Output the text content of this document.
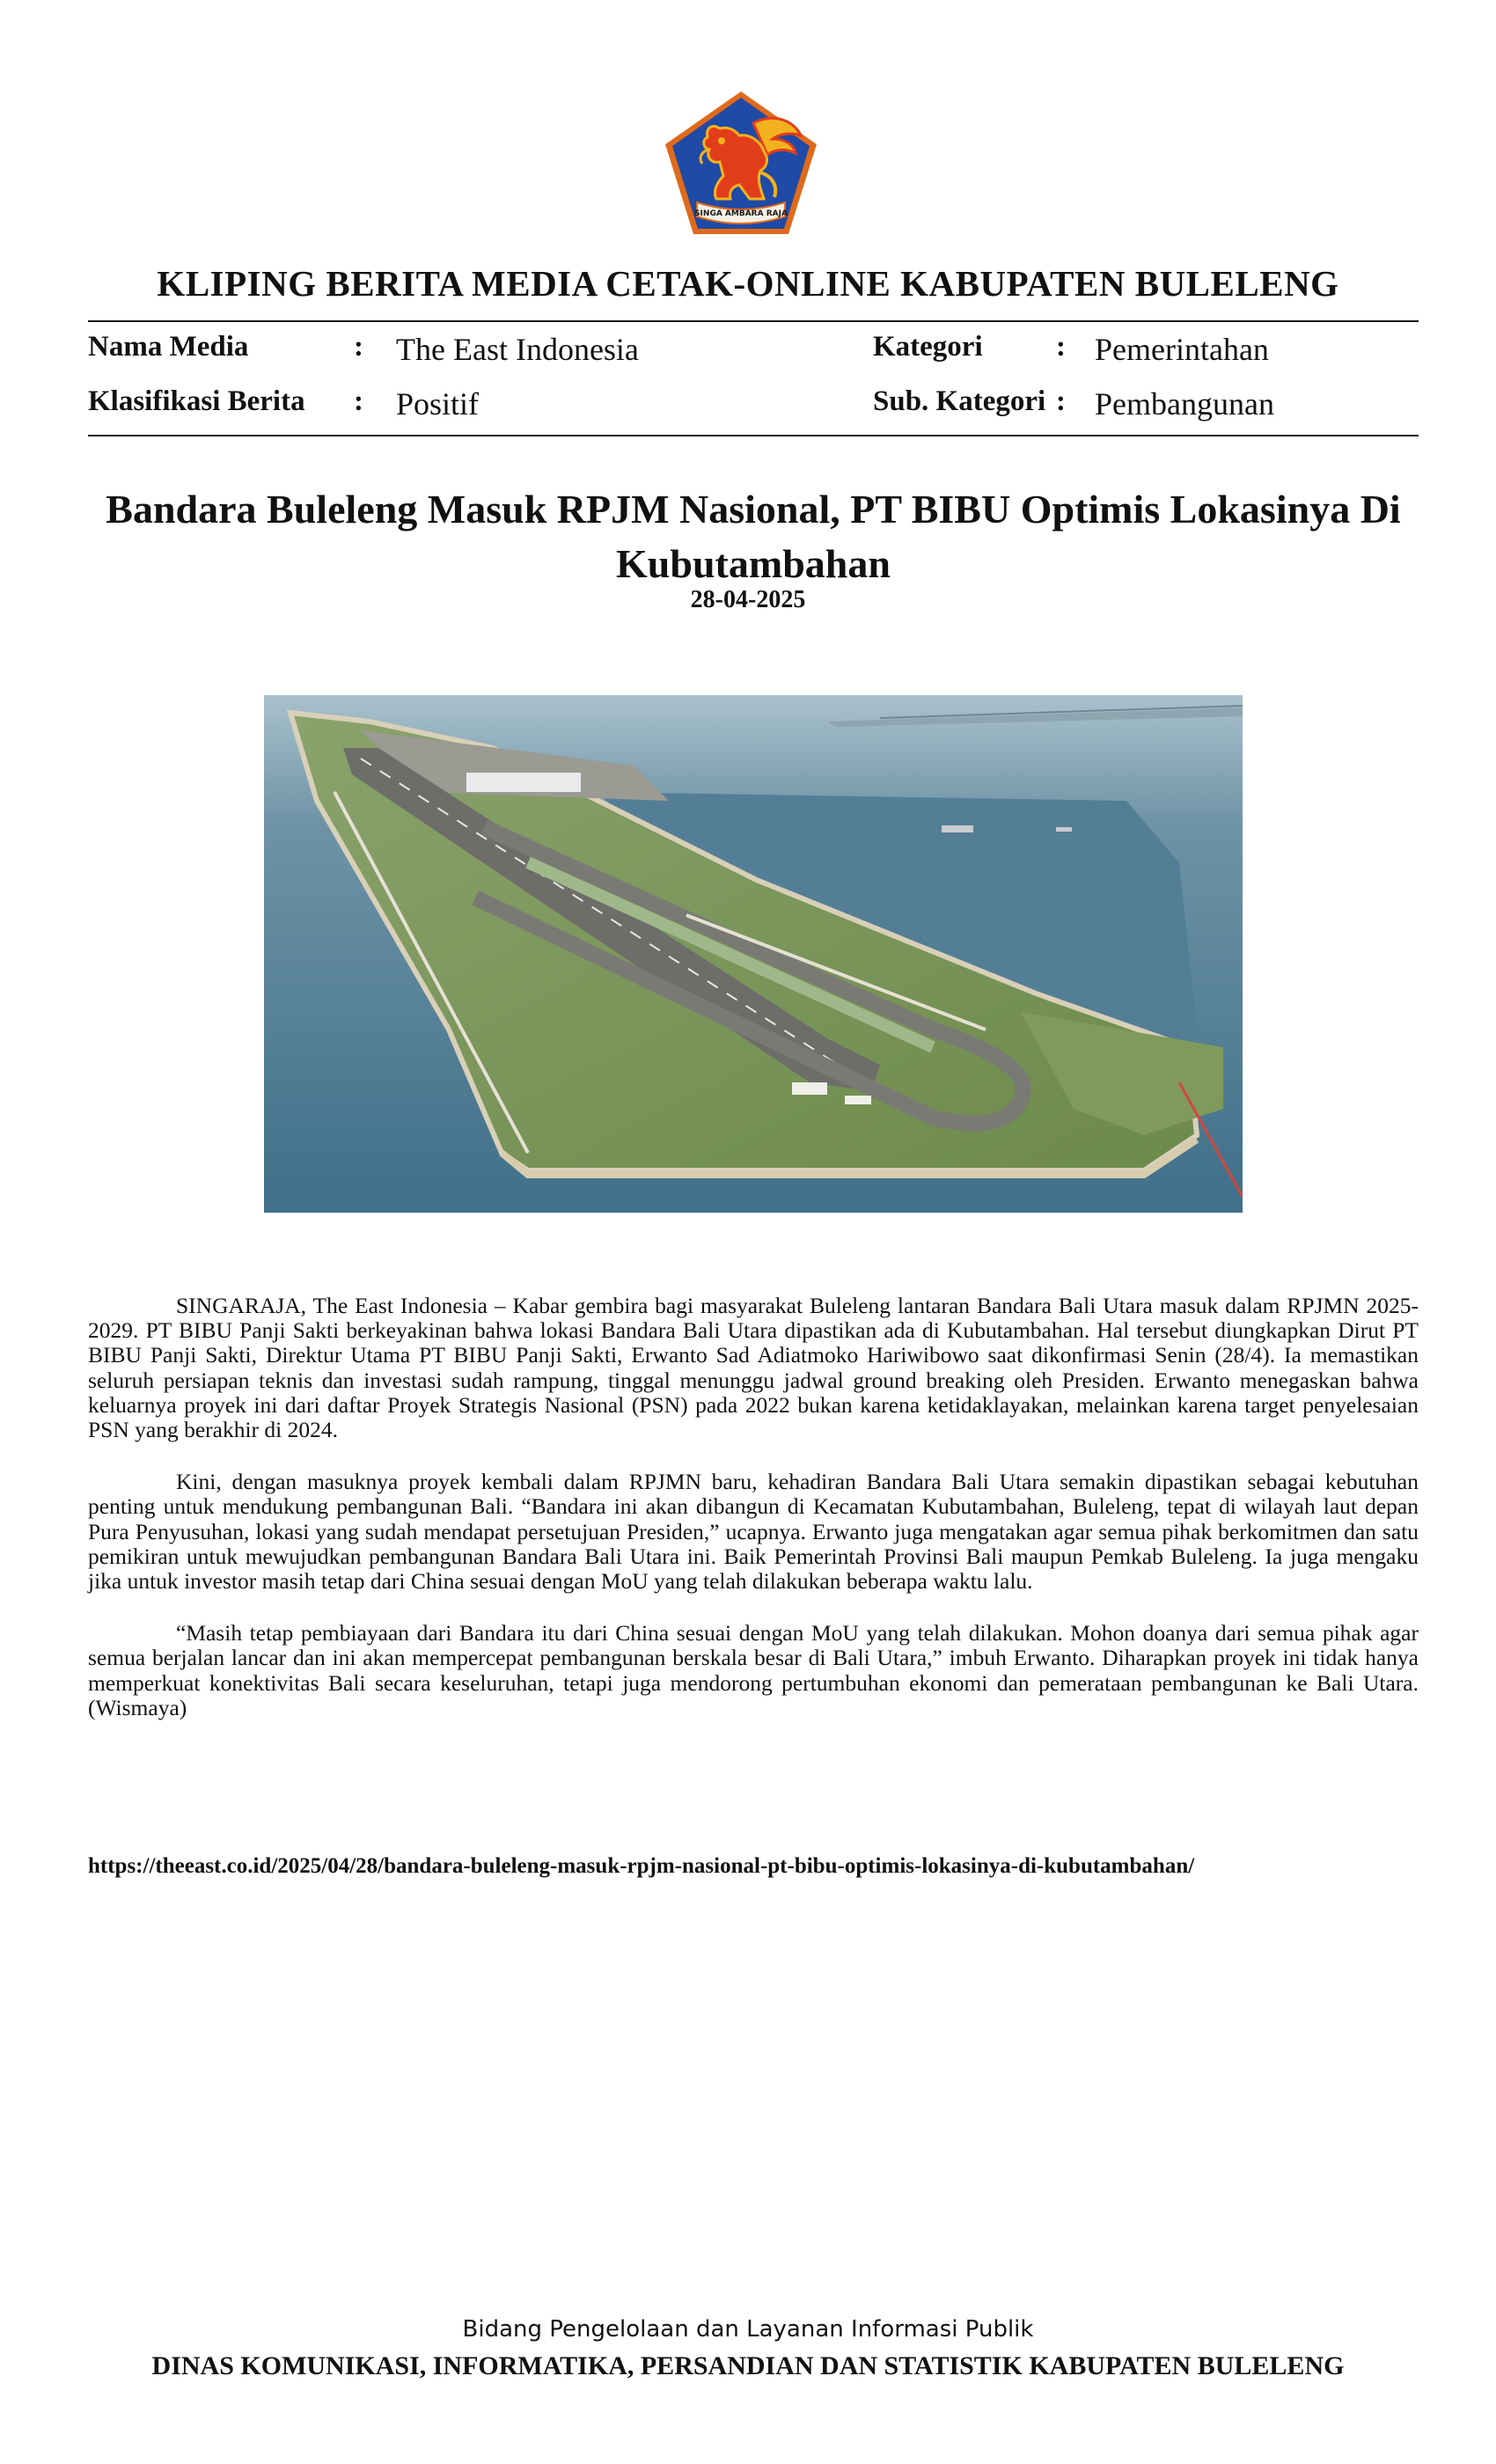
SINGA AMBARA RAJA
KLIPING BERITA MEDIA CETAK-ONLINE KABUPATEN BULELENG
Nama Media	: The East Indonesia	Kategori	: Pemerintahan
Klasifikasi Berita : Positif	Sub. Kategori : Pembangunan
Bandara Buleleng Masuk RPJM Nasional, PT BIBU Optimis Lokasinya Di Kubutambahan
28-04-2025

SINGARAJA, The East Indonesia – Kabar gembira bagi masyarakat Buleleng lantaran Bandara Bali Utara masuk dalam RPJMN 2025-2029. PT BIBU Panji Sakti berkeyakinan bahwa lokasi Bandara Bali Utara dipastikan ada di Kubutambahan. Hal tersebut diungkapkan Dirut PT BIBU Panji Sakti, Direktur Utama PT BIBU Panji Sakti, Erwanto Sad Adiatmoko Hariwibowo saat dikonfirmasi Senin (28/4). Ia memastikan seluruh persiapan teknis dan investasi sudah rampung, tinggal menunggu jadwal ground breaking oleh Presiden. Erwanto menegaskan bahwa keluarnya proyek ini dari daftar Proyek Strategis Nasional (PSN) pada 2022 bukan karena ketidaklayakan, melainkan karena target penyelesaian PSN yang berakhir di 2024.

Kini, dengan masuknya proyek kembali dalam RPJMN baru, kehadiran Bandara Bali Utara semakin dipastikan sebagai kebutuhan penting untuk mendukung pembangunan Bali. “Bandara ini akan dibangun di Kecamatan Kubutambahan, Buleleng, tepat di wilayah laut depan Pura Penyusuhan, lokasi yang sudah mendapat persetujuan Presiden,” ucapnya. Erwanto juga mengatakan agar semua pihak berkomitmen dan satu pemikiran untuk mewujudkan pembangunan Bandara Bali Utara ini. Baik Pemerintah Provinsi Bali maupun Pemkab Buleleng. Ia juga mengaku jika untuk investor masih tetap dari China sesuai dengan MoU yang telah dilakukan beberapa waktu lalu.

“Masih tetap pembiayaan dari Bandara itu dari China sesuai dengan MoU yang telah dilakukan. Mohon doanya dari semua pihak agar semua berjalan lancar dan ini akan mempercepat pembangunan berskala besar di Bali Utara,” imbuh Erwanto. Diharapkan proyek ini tidak hanya memperkuat konektivitas Bali secara keseluruhan, tetapi juga mendorong pertumbuhan ekonomi dan pemerataan pembangunan ke Bali Utara.(Wismaya)

https://theeast.co.id/2025/04/28/bandara-buleleng-masuk-rpjm-nasional-pt-bibu-optimis-lokasinya-di-kubutambahan/
Bidang Pengelolaan dan Layanan Informasi Publik
DINAS KOMUNIKASI, INFORMATIKA, PERSANDIAN DAN STATISTIK KABUPATEN BULELENG
